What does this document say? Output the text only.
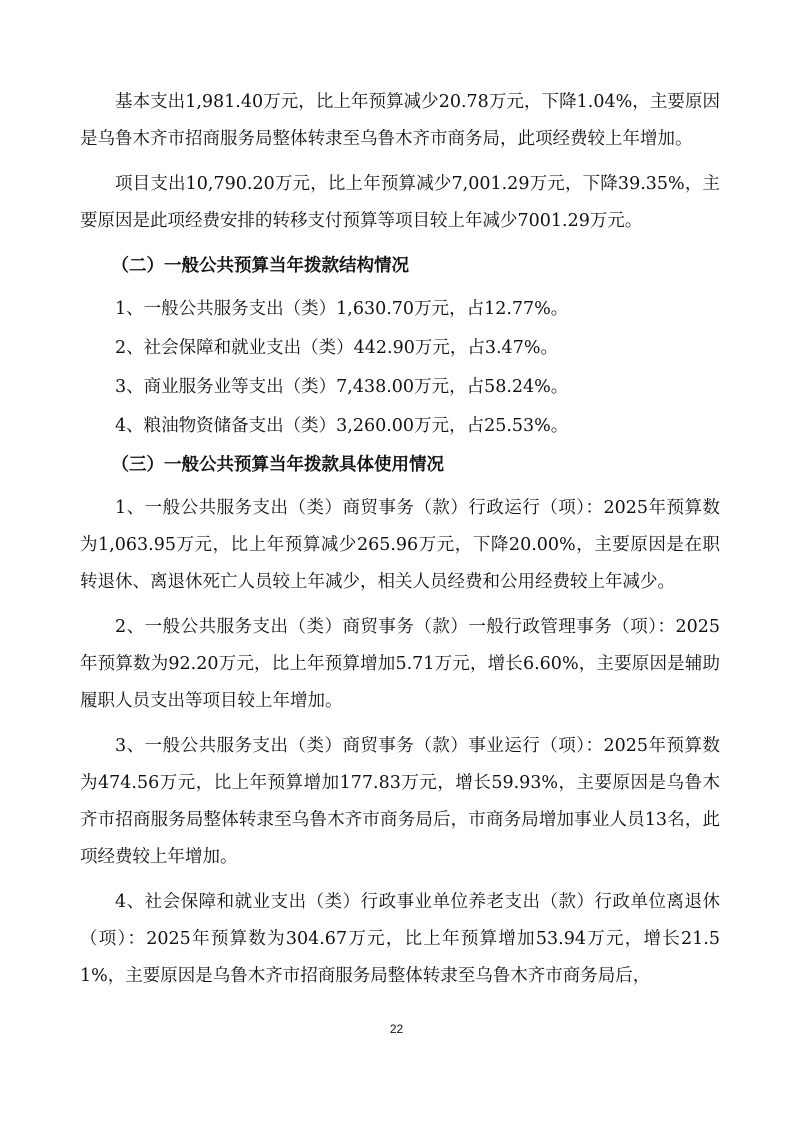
基本支出1,981.40万元，比上年预算减少20.78万元，下降1.04%，主要原因是乌鲁木齐市招商服务局整体转隶至乌鲁木齐市商务局，此项经费较上年增加。

项目支出10,790.20万元，比上年预算减少7,001.29万元，下降39.35%，主要原因是此项经费安排的转移支付预算等项目较上年减少7001.29万元。

（二）一般公共预算当年拨款结构情况
1、一般公共服务支出（类）1,630.70万元，占12.77%。
2、社会保障和就业支出（类）442.90万元，占3.47%。
3、商业服务业等支出（类）7,438.00万元，占58.24%。
4、粮油物资储备支出（类）3,260.00万元，占25.53%。
（三）一般公共预算当年拨款具体使用情况

1、一般公共服务支出（类）商贸事务（款）行政运行（项）：2025年预算数为1,063.95万元，比上年预算减少265.96万元，下降20.00%，主要原因是在职转退休、离退休死亡人员较上年减少，相关人员经费和公用经费较上年减少。

2、一般公共服务支出（类）商贸事务（款）一般行政管理事务（项）：2025年预算数为92.20万元，比上年预算增加5.71万元，增长6.60%，主要原因是辅助履职人员支出等项目较上年增加。

3、一般公共服务支出（类）商贸事务（款）事业运行（项）：2025年预算数为474.56万元，比上年预算增加177.83万元，增长59.93%，主要原因是乌鲁木齐市招商服务局整体转隶至乌鲁木齐市商务局后，市商务局增加事业人员13名，此项经费较上年增加。

4、社会保障和就业支出（类）行政事业单位养老支出（款）行政单位离退休（项）：2025年预算数为304.67万元，比上年预算增加53.94万元，增长21.51%，主要原因是乌鲁木齐市招商服务局整体转隶至乌鲁木齐市商务局后，

22
